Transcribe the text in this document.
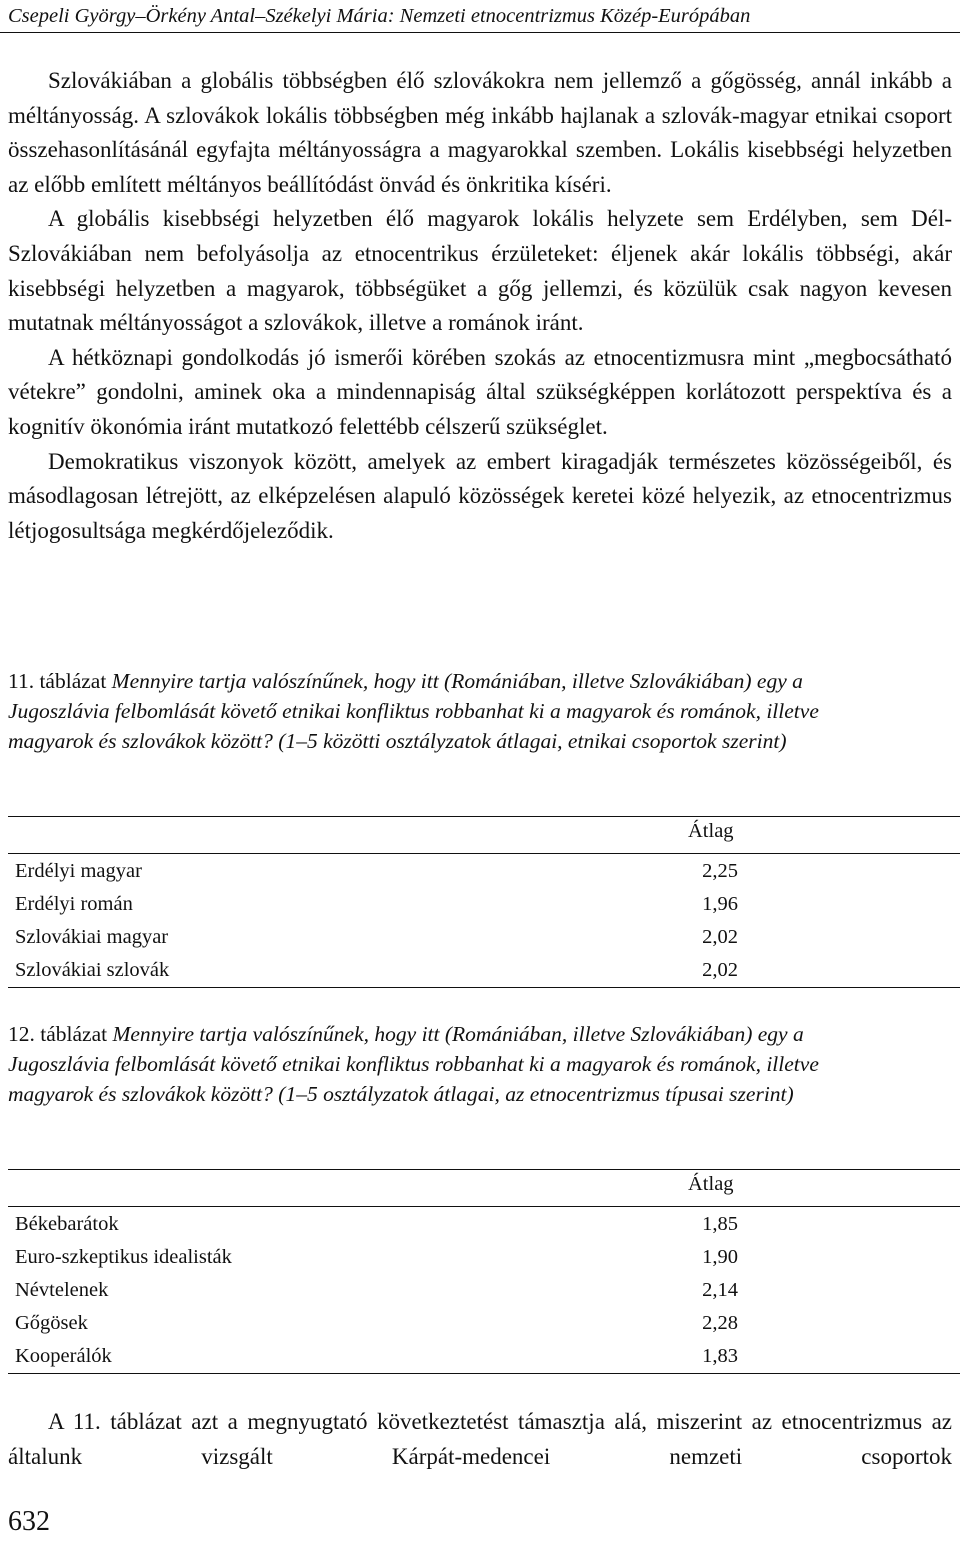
Csepeli György–Örkény Antal–Székelyi Mária: Nemzeti etnocentrizmus Közép-Európában

Szlovákiában a globális többségben élő szlovákokra nem jellemző a gőgösség, annál inkább a méltányosság. A szlovákok lokális többségben még inkább hajlanak a szlovák-magyar etnikai csoport összehasonlításánál egyfajta méltányosságra a magyarokkal szemben. Lokális kisebbségi helyzetben az előbb említett méltányos beállítódást önvád és önkritika kíséri.

A globális kisebbségi helyzetben élő magyarok lokális helyzete sem Erdélyben, sem Dél-Szlovákiában nem befolyásolja az etnocentrikus érzületeket: éljenek akár lokális többségi, akár kisebbségi helyzetben a magyarok, többségüket a gőg jellemzi, és közülük csak nagyon kevesen mutatnak méltányosságot a szlovákok, illetve a románok iránt.

A hétköznapi gondolkodás jó ismerői körében szokás az etnocentizmusra mint „megbocsátható vétekre” gondolni, aminek oka a mindennapiság által szükségképpen korlátozott perspektíva és a kognitív ökonómia iránt mutatkozó felettébb célszerű szükséglet.

Demokratikus viszonyok között, amelyek az embert kiragadják természetes közösségeiből, és másodlagosan létrejött, az elképzelésen alapuló közösségek keretei közé helyezik, az etnocentrizmus létjogosultsága megkérdőjeleződik.

11. táblázat Mennyire tartja valószínűnek, hogy itt (Romániában, illetve Szlovákiában) egy a Jugoszlávia felbomlását követő etnikai konfliktus robbanhat ki a magyarok és románok, illetve magyarok és szlovákok között? (1–5 közötti osztályzatok átlagai, etnikai csoportok szerint)
Átlag
Erdélyi magyar	2,25
Erdélyi román	1,96
Szlovákiai magyar	2,02
Szlovákiai szlovák	2,02
12. táblázat Mennyire tartja valószínűnek, hogy itt (Romániában, illetve Szlovákiában) egy a Jugoszlávia felbomlását követő etnikai konfliktus robbanhat ki a magyarok és románok, illetve magyarok és szlovákok között? (1–5 osztályzatok átlagai, az etnocentrizmus típusai szerint)
Átlag
Békebarátok	1,85
Euro-szkeptikus idealisták	1,90
Névtelenek	2,14
Gőgösek	2,28
Kooperálók	1,83

A 11. táblázat azt a megnyugtató következtetést támasztja alá, miszerint az etnocentrizmus az általunk vizsgált Kárpát-medencei nemzeti csoportok

632
